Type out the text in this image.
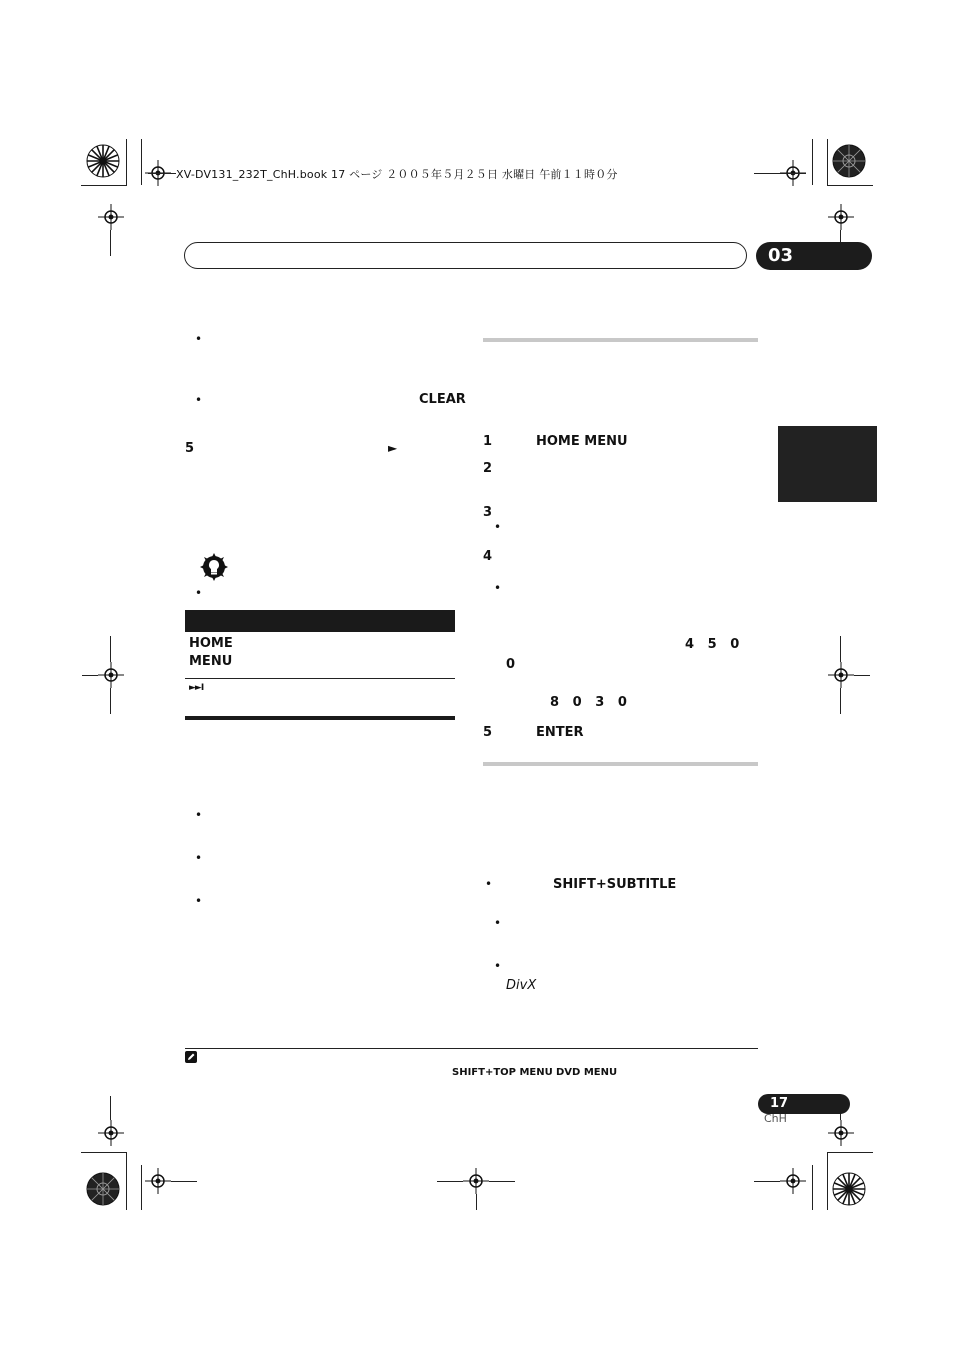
XV-DV131_232T_ChH.book 17 ページ ２００５年５月２５日 水曜日 午前１１時０分
03
•
•	CLEAR
5	►
•
HOME
MENU
►►I
•
•
•
1	HOME MENU
2
3
•
4
•
4   5   0
0
8   0   3   0
5	ENTER
•	SHIFT+SUBTITLE
•
•
DivX
SHIFT+TOP MENU DVD MENU
17
ChH
